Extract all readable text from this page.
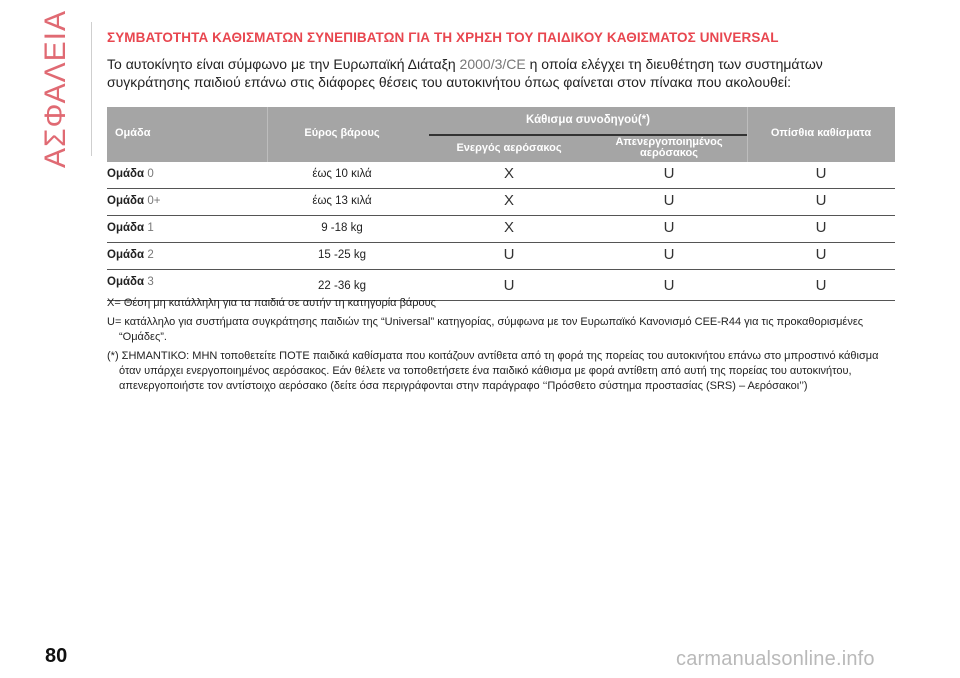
ΑΣΦΑΛΕΙΑ	ΣΥΜΒΑΤΟΤΗΤΑ ΚΑΘΙΣΜΑΤΩΝ ΣΥΝΕΠΙΒΑΤΩΝ ΓΙΑ ΤΗ ΧΡΗΣΗ ΤΟΥ ΠΑΙΔΙΚΟΥ ΚΑΘΙΣΜΑΤΟΣ UNIVERSAL

Το αυτοκίνητο είναι σύμφωνο με την Ευρωπαϊκή Διάταξη 2000/3/CE η οποία ελέγχει τη διευθέτηση των συστημάτων

συγκράτησης παιδιού επάνω στις διάφορες θέσεις του αυτοκινήτου όπως φαίνεται στον πίνακα που ακολουθεί:

Ομάδα	Εύρος βάρους
Κάθισμα συνοδηγού(*)
Ενεργός αερόσακος	Απενεργοποιημένος
αερόσακος
Οπίσθια καθίσματα
Ομάδα 0	έως 10 κιλά	X	U	U
Ομάδα 0+	έως 13 κιλά	X	U	U
Ομάδα 1	9 -18 kg	X	U	U
Ομάδα 2	15 -25 kg	U	U	U
Ομάδα 3	22 -36 kg	U	U	U

X= Θέση μη κατάλληλη για τα παιδιά σε αυτήν τη κατηγορία βάρους

U= κατάλληλο για συστήματα συγκράτησης παιδιών της “Universal” κατηγορίας, σύμφωνα με τον Ευρωπαϊκό Κανονισμό CEE-R44 για τις προκαθορισμένες

“Ομάδες”.

(*) ΣΗΜΑΝΤΙΚΟ: ΜΗΝ τοποθετείτε ΠΟΤΕ παιδικά καθίσματα που κοιτάζουν αντίθετα από τη φορά της πορείας του αυτοκινήτου επάνω στο μπροστινό κάθισμα

όταν υπάρχει ενεργοποιημένος αερόσακος. Εάν θέλετε να τοποθετήσετε ένα παιδικό κάθισμα με φορά αντίθετη από αυτή της πορείας του αυτοκινήτου,

απενεργοποιήστε τον αντίστοιχο αερόσακο (δείτε όσα περιγράφονται στην παράγραφο ‘‘Πρόσθετο σύστημα προστασίας (SRS) – Αερόσακοι’’)

80	carmanualsonline.info
